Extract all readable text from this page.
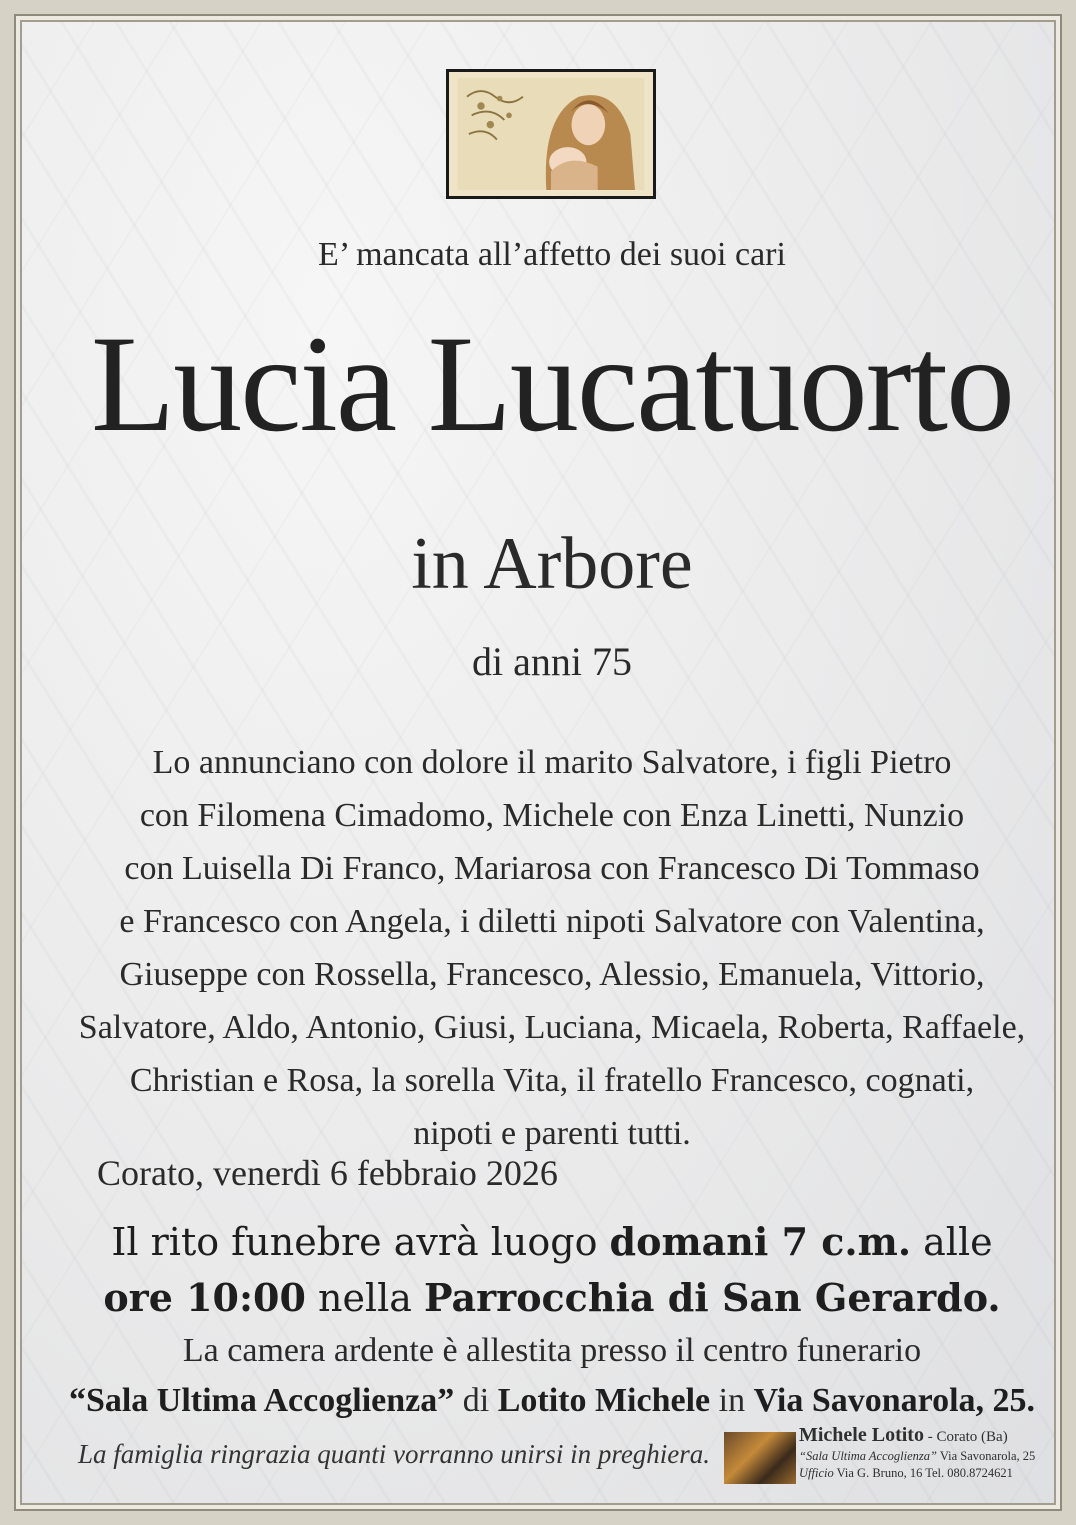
E’ mancata all’affetto dei suoi cari
Lucia Lucatuorto
in Arbore
di anni 75
Lo annunciano con dolore il marito Salvatore, i figli Pietro
con Filomena Cimadomo, Michele con Enza Linetti, Nunzio
con Luisella Di Franco, Mariarosa con Francesco Di Tommaso
e Francesco con Angela, i diletti nipoti Salvatore con Valentina,
Giuseppe con Rossella, Francesco, Alessio, Emanuela, Vittorio,
Salvatore, Aldo, Antonio, Giusi, Luciana, Micaela, Roberta, Raffaele,
Christian e Rosa, la sorella Vita, il fratello Francesco, cognati,
nipoti e parenti tutti.
Corato, venerdì 6 febbraio 2026
Il rito funebre avrà luogo domani 7 c.m. alle
ore 10:00 nella Parrocchia di San Gerardo.
La camera ardente è allestita presso il centro funerario
“Sala Ultima Accoglienza” di Lotito Michele in Via Savonarola, 25.
La famiglia ringrazia quanti vorranno unirsi in preghiera.
Michele Lotito - Corato (Ba)
“Sala Ultima Accoglienza” Via Savonarola, 25
Ufficio Via G. Bruno, 16 Tel. 080.8724621
